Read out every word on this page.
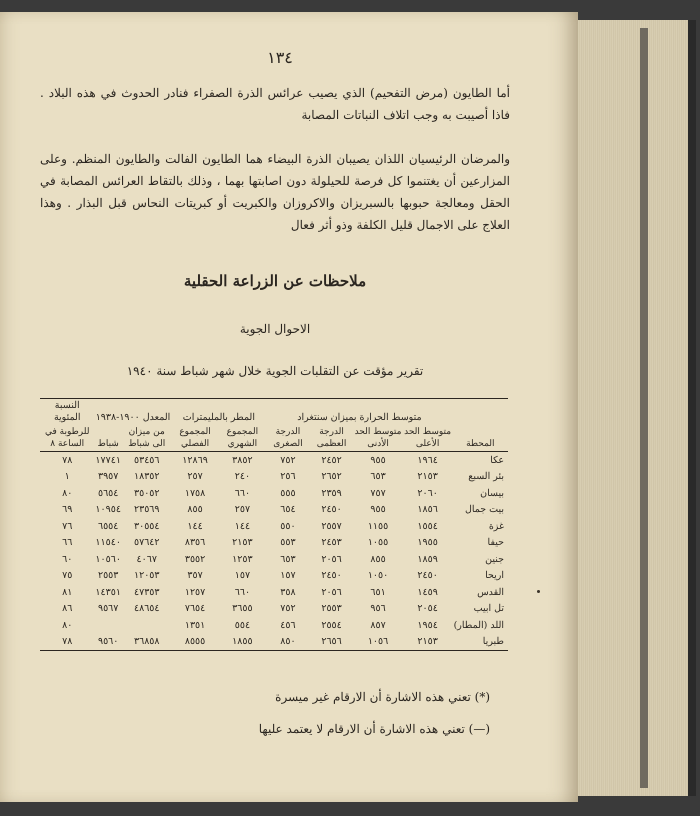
١٣٤
أما الطايون (مرض التفحيم) الذي يصيب عرائس الذرة الصفراء فنادر الحدوث في هذه البلاد . فاذا أصيبت به وجب اتلاف النباتات المصابة
والمرضان الرئيسيان اللذان يصيبان الذرة البيضاء هما الطايون الفالت والطايون المنظم. وعلى المزارعين أن يغتنموا كل فرصة للحيلولة دون اصابتها بهما ، وذلك بالتقاط العرائس المصابة في الحقل ومعالجة حبوبها بالسبريزان والاكروزان والكبريت أو كبريتات النحاس قبل البذار . وهذا العلاج على الاجمال قليل الكلفة وذو أثر فعال
ملاحظات عن الزراعة الحقلية
الاحوال الجوية
تقرير مؤقت عن التقلبات الجوية خلال شهر شباط سنة ١٩٤٠
	متوسط الحرارة بميزان سنتغراد				المطر بالمليمترات		المعدل ١٩٠٠-١٩٣٨		النسبة المئوية
المحطة	متوسط الحد الأعلى	متوسط الحد الأدنى	الدرجة العظمى	الدرجة الصغرى	المجموع الشهري	المجموع الفصلي	من ميزان الى شباط	شباط	للرطوبة في الساعة ٨
عكا	١٩٦٤	٩٥٥	٢٤٥٢	٧٥٢	٣٨٥٢	١٢٨٦٩	٥٣٤٥٦	١٧٧٤١	٧٨
بئر السبع	٢١٥٣	٦٥٣	٢٦٥٢	٢٥٦	٢٤٠	٢٥٧	١٨٣٥٢	٣٩٥٧	١
بيسان	٢٠٦٠	٧٥٧	٢٣٥٩	٥٥٥	٦٦٠	١٧٥٨	٣٥٠٥٢	٥٦٥٤	٨٠
بيت جمال	١٨٥٦	٩٥٥	٢٤٥٠	٦٥٤	٢٥٧	٨٥٥	٢٣٥٦٩	١٠٩٥٤	٦٩
غزة	١٥٥٤	١١٥٥	٢٥٥٧	٥٥٠	١٤٤	١٤٤	٣٠٥٥٤	٦٥٥٤	٧٦
حيفا	١٩٥٥	١٠٥٥	٢٤٥٣	٥٥٣	٢١٥٣	٨٣٥٦	٥٧٦٤٢	١١٥٤٠	٦٦
جنين	١٨٥٩	٨٥٥	٢٠٥٦	٦٥٣	١٢٥٣	٣٥٥٢	٤٠٦٧	١٠٥٦٠	٦٠
اريحا	٢٤٥٠	١٠٥٠	٢٤٥٠	١٥٧	١٥٧	٣٥٧	١٢٠٥٣	٢٥٥٣	٧٥
القدس	١٤٥٩	٦٥١	٢٠٥٦	٣٥٨	٦٦٠	١٢٥٧	٤٧٣٥٣	١٤٣٥١	٨١
تل ابيب	٢٠٥٤	٩٥٦	٢٥٥٣	٧٥٢	٣٦٥٥	٧٦٥٤	٤٨٦٥٤	٩٥٦٧	٨٦
اللد (المطار)	١٩٥٤	٨٥٧	٢٥٥٤	٤٥٦	٥٥٤	١٣٥١			٨٠
طبريا	٢١٥٣	١٠٥٦	٢٦٥٦	٨٥٠	١٨٥٥	٨٥٥٥	٣٦٨٥٨	٩٥٦٠	٧٨

(*) تعني هذه الاشارة أن الارقام غير ميسرة
(—) تعني هذه الاشارة أن الارقام لا يعتمد عليها
